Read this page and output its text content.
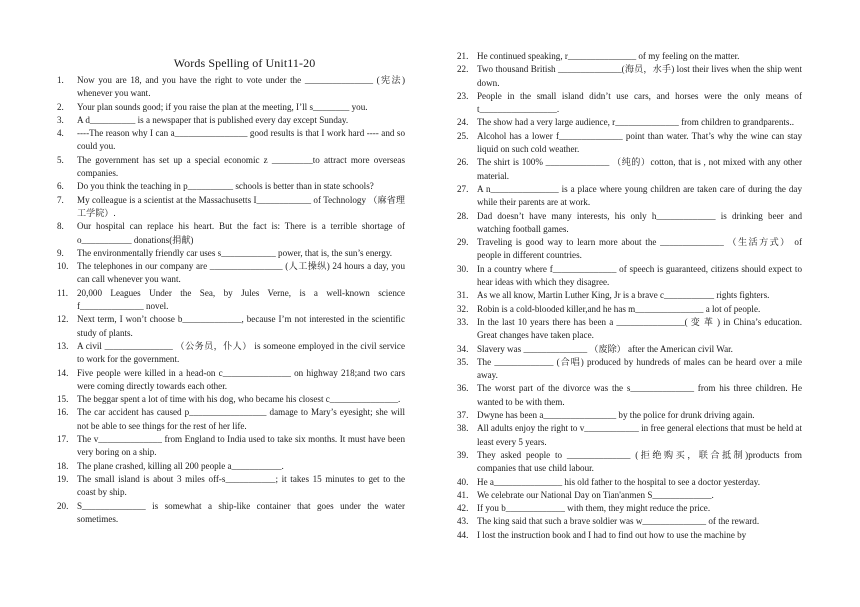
Words Spelling of Unit11-20
1.	Now you are 18, and you have the right to vote under the _______________ (宪法) whenever you want.
2.	Your plan sounds good; if you raise the plan at the meeting, I’ll s________ you.
3.	A d__________ is a newspaper that is published every day except Sunday.
4.	----The reason why I can a________________ good results is that I work hard ---- and so could you.
5.	The government has set up a special economic z _________to attract more overseas companies.
6.	Do you think the teaching in p__________ schools is better than in state schools?
7.	My colleague is a scientist at the Massachusetts I____________ of Technology （麻省理工学院）.
8.	Our hospital can replace his heart. But the fact is: There is a terrible shortage of o___________ donations(捐献)
9.	The environmentally friendly car uses s____________ power, that is, the sun’s energy.
10. The telephones in our company are ________________ (人工操纵) 24 hours a day, you can call whenever you want.
11. 20,000 Leagues Under the Sea, by Jules Verne, is a well-known science f______________ novel.
12. Next term, I won’t choose b_____________, because I’m not interested in the scientific study of plants.
13. A civil _______________ （公务员，仆人） is someone employed in the civil service to work for the government.
14. Five people were killed in a head-on c_______________ on highway 218;and two cars were coming directly towards each other.
15. The beggar spent a lot of time with his dog, who became his closest c_______________.
16. The car accident has caused p_________________ damage to Mary’s eyesight; she will not be able to see things for the rest of her life.
17. The v______________ from England to India used to take six months. It must have been very boring on a ship.
18. The plane crashed, killing all 200 people a___________.
19. The small island is about 3 miles off-s___________; it takes 15 minutes to get to the coast by ship.
20. S______________ is somewhat a ship-like container that goes under the water sometimes.
21. He continued speaking, r_______________ of my feeling on the matter.
22. Two thousand British ______________(海员，水手) lost their lives when the ship went down.
23. People in the small island didn’t use cars, and horses were the only means of t_________________.
24. The show had a very large audience, r______________ from children to grandparents..
25. Alcohol has a lower f______________ point than water. That’s why the wine can stay liquid on such cold weather.
26. The shirt is 100% ______________ （纯的）cotton, that is , not mixed with any other material.
27. A n_______________ is a place where young children are taken care of during the day while their parents are at work.
28. Dad doesn’t have many interests, his only h_____________ is drinking beer and watching football games.
29. Traveling is good way to learn more about the ______________ （生活方式） of people in different countries.
30. In a country where f______________ of speech is guaranteed, citizens should expect to hear ideas with which they disagree.
31. As we all know, Martin Luther King, Jr is a brave c___________ rights fighters.
32. Robin is a cold-blooded killer,and he has m_______________ a lot of people.
33. In the last 10 years there has been a _______________( 变 革 ) in China’s education. Great changes have taken place.
34. Slavery was ______________ （废除） after the American civil War.
35. The _____________ (合唱) produced by hundreds of males can be heard over a mile away.
36. The worst part of the divorce was the s______________ from his three children. He wanted to be with them.
37. Dwyne has been a________________ by the police for drunk driving again.
38. All adults enjoy the right to v____________ in free general elections that must be held at least every 5 years.
39. They asked people to ______________ (拒绝购买，联合抵制)products from companies that use child labour.
40. He a_______________ his old father to the hospital to see a doctor yesterday.
41. We celebrate our National Day on Tian'anmen S_____________.
42. If you b_____________ with them, they might reduce the price.
43. The king said that such a brave soldier was w______________ of the reward.
44. I lost the instruction book and I had to find out how to use the machine by
